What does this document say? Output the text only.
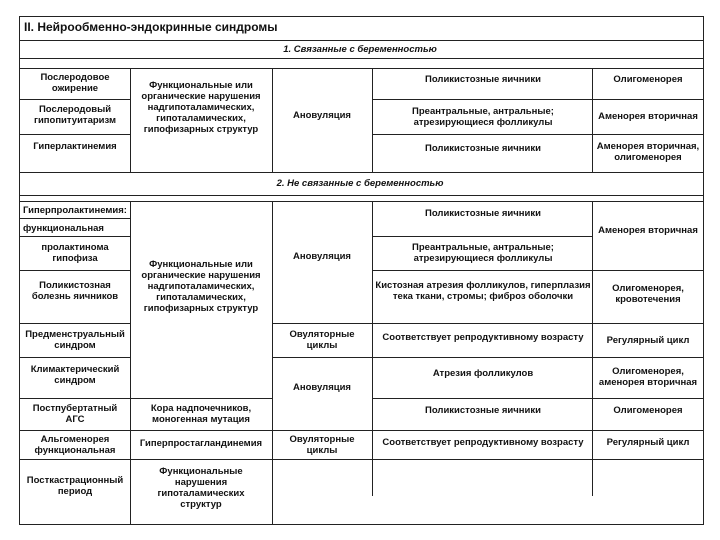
II. Нейрообменно-эндокринные синдромы
1. Связанные с беременностью
2. Не связанные с беременностью
Послеродовое ожирение
Послеродовый гипопитуитаризм
Гиперлактинемия
Функциональные или органические нарушения надгипоталамических, гипоталамических, гипофизарных структур
Ановуляция
Поликистозные яичники
Преантральные, антральные; атрезирующиеся фолликулы
Поликистозные яичники
Олигоменорея
Аменорея вторичная
Аменорея вторичная, олигоменорея
Гиперпролактинемия:
функциональная
пролактинома гипофиза
Поликистозная болезнь яичников
Предменструальный синдром
Климактерический синдром
Постпубертатный АГС
Альгоменорея функциональная
Посткастрационный период
Функциональные или органические нарушения надгипоталамических, гипоталамических, гипофизарных структур
Кора надпочечников, моногенная мутация
Гиперпростагландинемия
Функциональные нарушения гипоталамических структур
Ановуляция
Овуляторные циклы
Ановуляция
Овуляторные циклы
Поликистозные яичники
Преантральные, антральные; атрезирующиеся фолликулы
Кистозная атрезия фолликулов, гиперплазия тека ткани, стромы; фиброз оболочки
Соответствует репродуктивному возрасту
Атрезия фолликулов
Поликистозные яичники
Соответствует репродуктивному возрасту
Аменорея вторичная
Олигоменорея, кровотечения
Регулярный цикл
Олигоменорея, аменорея вторичная
Олигоменорея
Регулярный цикл
